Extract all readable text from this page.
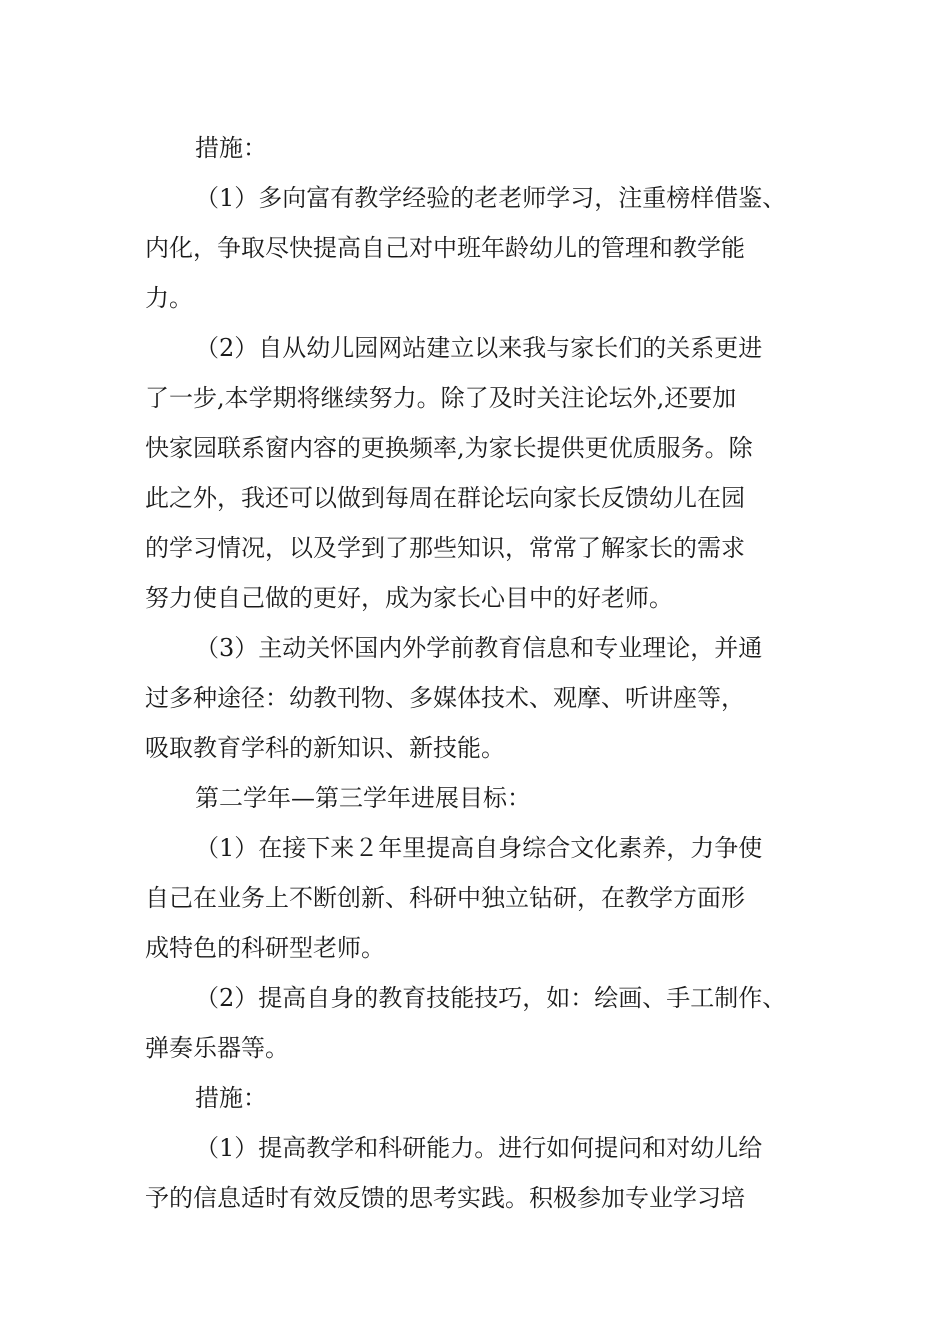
措施：
（1）多向富有教学经验的老老师学习，注重榜样借鉴、
内化，争取尽快提高自己对中班年龄幼儿的管理和教学能
力。
（2）自从幼儿园网站建立以来我与家长们的关系更进
了一步,本学期将继续努力。除了及时关注论坛外,还要加
快家园联系窗内容的更换频率,为家长提供更优质服务。除
此之外，我还可以做到每周在群论坛向家长反馈幼儿在园
的学习情况，以及学到了那些知识，常常了解家长的需求
努力使自己做的更好，成为家长心目中的好老师。
（3）主动关怀国内外学前教育信息和专业理论，并通
过多种途径：幼教刊物、多媒体技术、观摩、听讲座等，
吸取教育学科的新知识、新技能。
第二学年—第三学年进展目标：
（1）在接下来２年里提高自身综合文化素养，力争使
自己在业务上不断创新、科研中独立钻研，在教学方面形
成特色的科研型老师。
（2）提高自身的教育技能技巧，如：绘画、手工制作、
弹奏乐器等。
措施：
（1）提高教学和科研能力。进行如何提问和对幼儿给
予的信息适时有效反馈的思考实践。积极参加专业学习培
